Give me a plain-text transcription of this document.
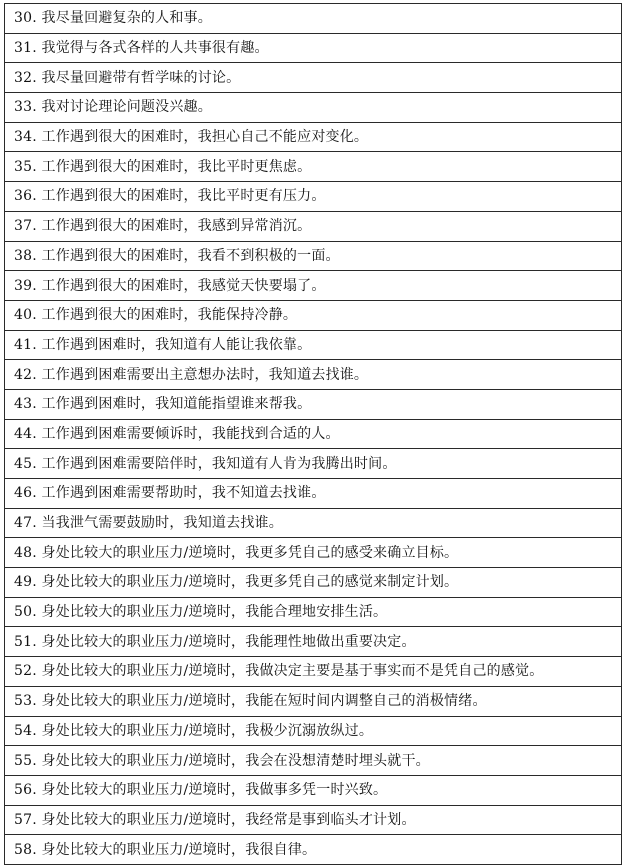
30. 我尽量回避复杂的人和事。
31. 我觉得与各式各样的人共事很有趣。
32. 我尽量回避带有哲学味的讨论。
33. 我对讨论理论问题没兴趣。
34. 工作遇到很大的困难时，我担心自己不能应对变化。
35. 工作遇到很大的困难时，我比平时更焦虑。
36. 工作遇到很大的困难时，我比平时更有压力。
37. 工作遇到很大的困难时，我感到异常消沉。
38. 工作遇到很大的困难时，我看不到积极的一面。
39. 工作遇到很大的困难时，我感觉天快要塌了。
40. 工作遇到很大的困难时，我能保持冷静。
41. 工作遇到困难时，我知道有人能让我依靠。
42. 工作遇到困难需要出主意想办法时，我知道去找谁。
43. 工作遇到困难时，我知道能指望谁来帮我。
44. 工作遇到困难需要倾诉时，我能找到合适的人。
45. 工作遇到困难需要陪伴时，我知道有人肯为我腾出时间。
46. 工作遇到困难需要帮助时，我不知道去找谁。
47. 当我泄气需要鼓励时，我知道去找谁。
48. 身处比较大的职业压力/逆境时，我更多凭自己的感受来确立目标。
49. 身处比较大的职业压力/逆境时，我更多凭自己的感觉来制定计划。
50. 身处比较大的职业压力/逆境时，我能合理地安排生活。
51. 身处比较大的职业压力/逆境时，我能理性地做出重要决定。
52. 身处比较大的职业压力/逆境时，我做决定主要是基于事实而不是凭自己的感觉。
53. 身处比较大的职业压力/逆境时，我能在短时间内调整自己的消极情绪。
54. 身处比较大的职业压力/逆境时，我极少沉溺放纵过。
55. 身处比较大的职业压力/逆境时，我会在没想清楚时埋头就干。
56. 身处比较大的职业压力/逆境时，我做事多凭一时兴致。
57. 身处比较大的职业压力/逆境时，我经常是事到临头才计划。
58. 身处比较大的职业压力/逆境时，我很自律。
